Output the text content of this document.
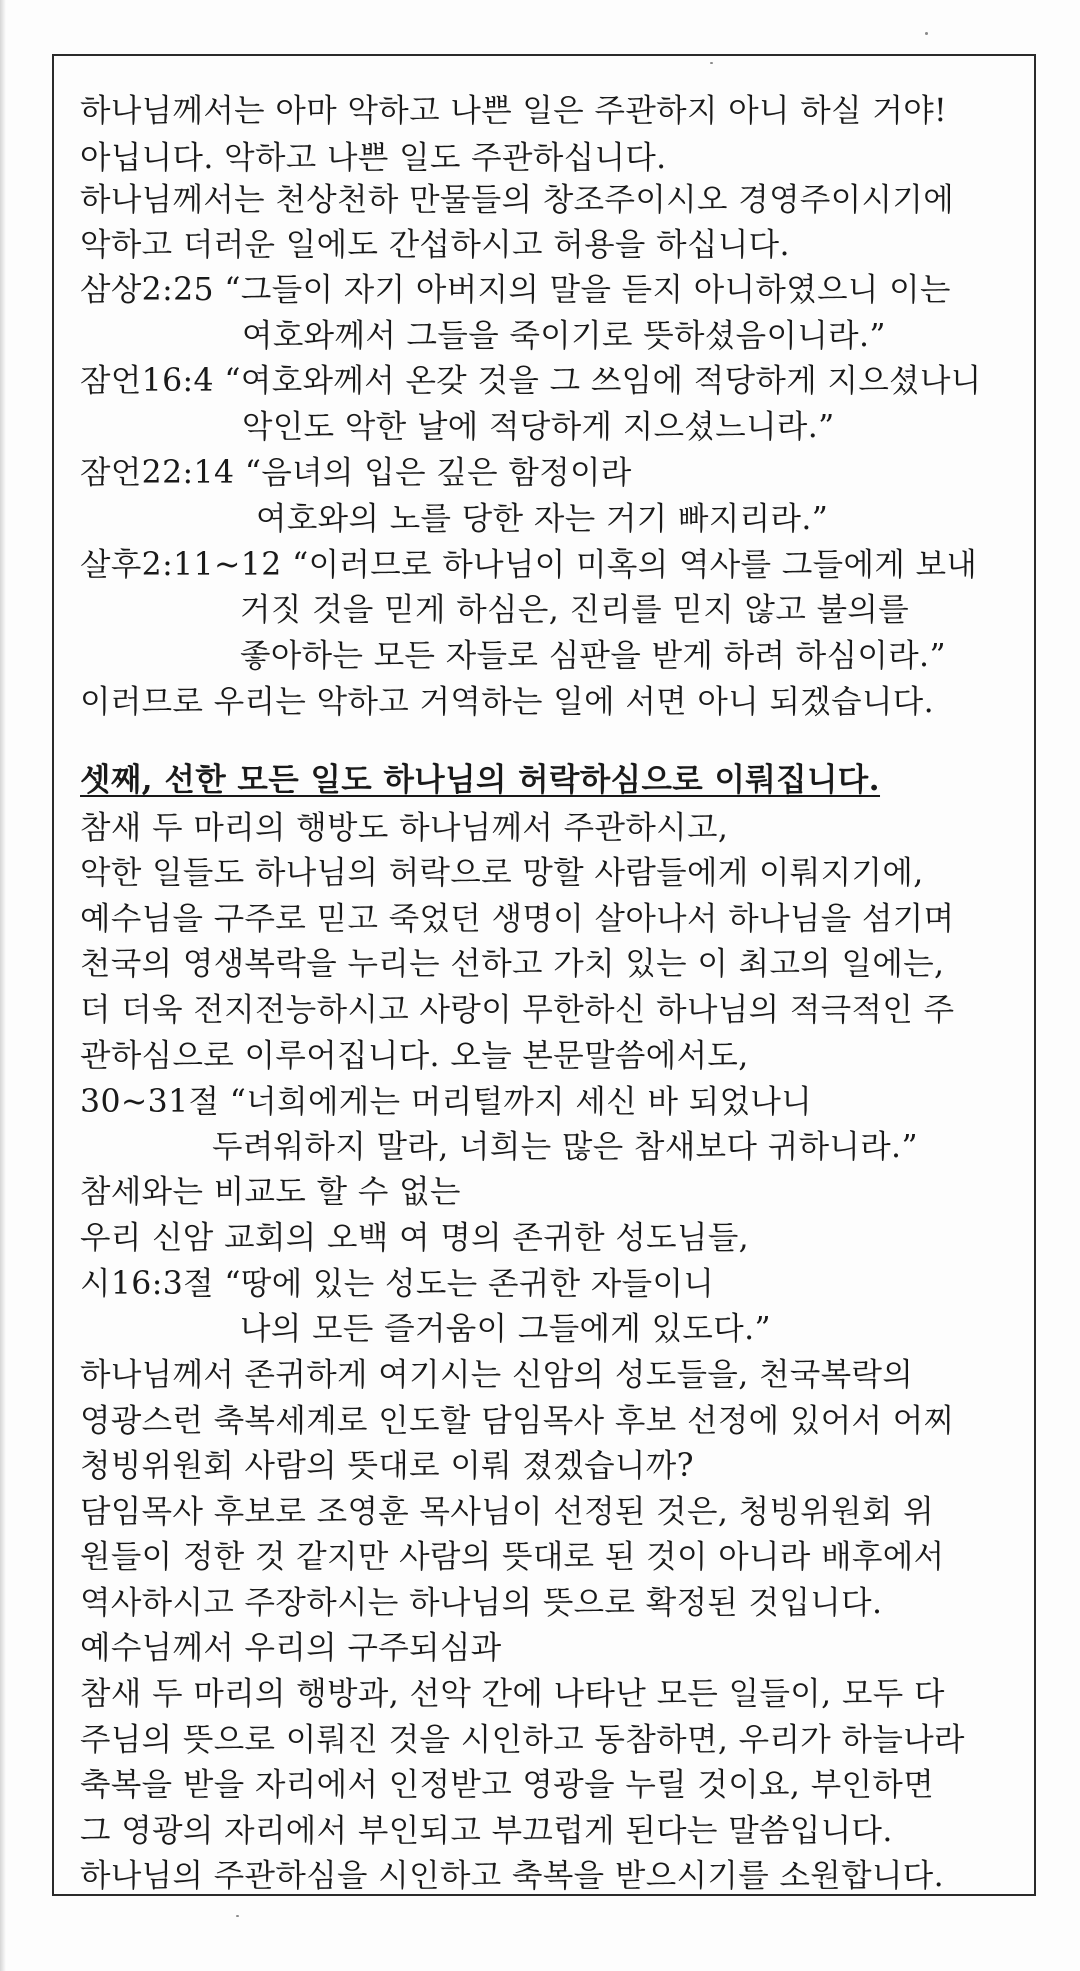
하나님께서는 아마 악하고 나쁜 일은 주관하지 아니 하실 거야!
아닙니다. 악하고 나쁜 일도 주관하십니다.
하나님께서는 천상천하 만물들의 창조주이시오 경영주이시기에
악하고 더러운 일에도 간섭하시고 허용을 하십니다.
삼상2:25 “그들이 자기 아버지의 말을 듣지 아니하였으니 이는
여호와께서 그들을 죽이기로 뜻하셨음이니라.”
잠언16:4 “여호와께서 온갖 것을 그 쓰임에 적당하게 지으셨나니
악인도 악한 날에 적당하게 지으셨느니라.”
잠언22:14 “음녀의 입은 깊은 함정이라
여호와의 노를 당한 자는 거기 빠지리라.”
살후2:11~12 “이러므로 하나님이 미혹의 역사를 그들에게 보내
거짓 것을 믿게 하심은, 진리를 믿지 않고 불의를
좋아하는 모든 자들로 심판을 받게 하려 하심이라.”
이러므로 우리는 악하고 거역하는 일에 서면 아니 되겠습니다.
셋째, 선한 모든 일도 하나님의 허락하심으로 이뤄집니다.
참새 두 마리의 행방도 하나님께서 주관하시고,
악한 일들도 하나님의 허락으로 망할 사람들에게 이뤄지기에,
예수님을 구주로 믿고 죽었던 생명이 살아나서 하나님을 섬기며
천국의 영생복락을 누리는 선하고 가치 있는 이 최고의 일에는,
더 더욱 전지전능하시고 사랑이 무한하신 하나님의 적극적인 주
관하심으로 이루어집니다. 오늘 본문말씀에서도,
30~31절 “너희에게는 머리털까지 세신 바 되었나니
두려워하지 말라, 너희는 많은 참새보다 귀하니라.”
참세와는 비교도 할 수 없는
우리 신암 교회의 오백 여 명의 존귀한 성도님들,
시16:3절 “땅에 있는 성도는 존귀한 자들이니
나의 모든 즐거움이 그들에게 있도다.”
하나님께서 존귀하게 여기시는 신암의 성도들을, 천국복락의
영광스런 축복세계로 인도할 담임목사 후보 선정에 있어서 어찌
청빙위원회 사람의 뜻대로 이뤄 졌겠습니까?
담임목사 후보로 조영훈 목사님이 선정된 것은, 청빙위원회 위
원들이 정한 것 같지만 사람의 뜻대로 된 것이 아니라 배후에서
역사하시고 주장하시는 하나님의 뜻으로 확정된 것입니다.
예수님께서 우리의 구주되심과
참새 두 마리의 행방과, 선악 간에 나타난 모든 일들이, 모두 다
주님의 뜻으로 이뤄진 것을 시인하고 동참하면, 우리가 하늘나라
축복을 받을 자리에서 인정받고 영광을 누릴 것이요, 부인하면
그 영광의 자리에서 부인되고 부끄럽게 된다는 말씀입니다.
하나님의 주관하심을 시인하고 축복을 받으시기를 소원합니다.
